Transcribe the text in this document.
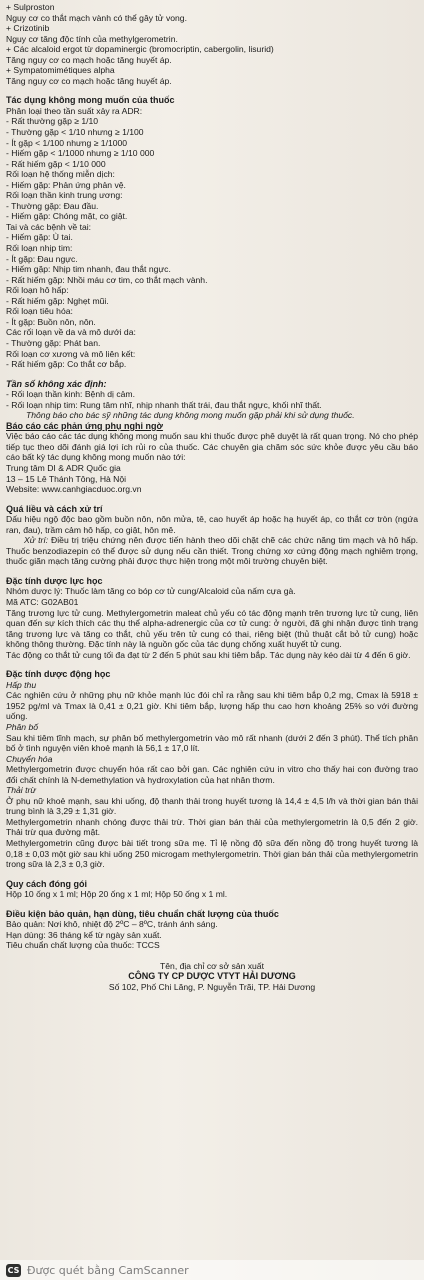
+ Sulproston
Nguy cơ co thắt mạch vành có thể gây tử vong.
+ Crizotinib
Nguy cơ tăng độc tính của methylgerometrin.
+ Các alcaloid ergot từ dopaminergic (bromocriptin, cabergolin, lisurid)
Tăng nguy cơ co mạch hoặc tăng huyết áp.
+ Sympatomimétiques alpha
Tăng nguy cơ co mạch hoặc tăng huyết áp.
Tác dụng không mong muốn của thuốc
Phân loại theo tần suất xảy ra ADR:
- Rất thường gặp ≥ 1/10
- Thường gặp < 1/10 nhưng ≥ 1/100
- Ít gặp < 1/100 nhưng ≥ 1/1000
- Hiếm gặp < 1/1000 nhưng ≥ 1/10 000
- Rất hiếm gặp < 1/10 000
Rối loạn hệ thống miễn dịch:
- Hiếm gặp: Phản ứng phản vệ.
Rối loạn thần kinh trung ương:
- Thường gặp: Đau đầu.
- Hiếm gặp: Chóng mặt, co giật.
Tai và các bệnh về tai:
- Hiếm gặp: Ù tai.
Rối loạn nhịp tim:
- Ít gặp: Đau ngực.
- Hiếm gặp: Nhịp tim nhanh, đau thắt ngực.
- Rất hiếm gặp: Nhồi máu cơ tim, co thắt mạch vành.
Rối loạn hô hấp:
- Rất hiếm gặp: Nghẹt mũi.
Rối loạn tiêu hóa:
- Ít gặp: Buồn nôn, nôn.
Các rối loạn về da và mô dưới da:
- Thường gặp: Phát ban.
Rối loạn cơ xương và mô liên kết:
- Rất hiếm gặp: Co thắt cơ bắp.
Tần số không xác định:
- Rối loạn thần kinh: Bệnh dị cảm.
- Rối loạn nhịp tim: Rung tâm nhĩ, nhịp nhanh thất trái, đau thắt ngực, khối nhĩ thất.
Thông báo cho bác sỹ những tác dụng không mong muốn gặp phải khi sử dụng thuốc.
Báo cáo các phản ứng phụ nghi ngờ
Việc báo cáo các tác dụng không mong muốn sau khi thuốc được phê duyệt là rất quan trọng. Nó cho phép tiếp tục theo dõi đánh giá lợi ích rủi ro của thuốc. Các chuyên gia chăm sóc sức khỏe được yêu cầu báo cáo bất kỳ tác dụng không mong muốn nào tới:
Trung tâm DI & ADR Quốc gia
13 – 15 Lê Thánh Tông, Hà Nội
Website: www.canhgiacduoc.org.vn
Quá liều và cách xử trí
Dấu hiệu ngộ độc bao gồm buồn nôn, nôn mửa, tê, cao huyết áp hoặc hạ huyết áp, co thắt cơ tròn (ngứa ran, đau), trầm cảm hô hấp, co giật, hôn mê.
Xử trí: Điều trị triệu chứng nên được tiến hành theo dõi chặt chẽ các chức năng tim mạch và hô hấp. Thuốc benzodiazepin có thể được sử dụng nếu cần thiết. Trong chứng xơ cứng động mạch nghiêm trọng, thuốc giãn mạch tăng cường phải được thực hiện trong một môi trường chuyên biệt.
Đặc tính dược lực học
Nhóm dược lý: Thuốc làm tăng co bóp cơ tử cung/Alcaloid của nấm cựa gà.
Mã ATC: G02AB01
Tăng trương lực tử cung. Methylergometrin maleat chủ yếu có tác động mạnh trên trương lực tử cung, liên quan đến sự kích thích các thụ thể alpha-adrenergic của cơ tử cung: ở người, đã ghi nhận được tình trạng tăng trương lực và tăng co thắt, chủ yếu trên tử cung có thai, riêng biệt (thủ thuật cắt bỏ tử cung) hoặc không thông thường. Đặc tính này là nguồn gốc của tác dụng chống xuất huyết tử cung.
Tác động co thắt tử cung tối đa đạt từ 2 đến 5 phút sau khi tiêm bắp. Tác dụng này kéo dài từ 4 đến 6 giờ.
Đặc tính dược động học
Hấp thu
Các nghiên cứu ở những phụ nữ khỏe mạnh lúc đói chỉ ra rằng sau khi tiêm bắp 0,2 mg, Cmax là 5918 ± 1952 pg/ml và Tmax là 0,41 ± 0,21 giờ. Khi tiêm bắp, lượng hấp thu cao hơn khoảng 25% so với đường uống.
Phân bố
Sau khi tiêm tĩnh mạch, sự phân bố methylergometrin vào mô rất nhanh (dưới 2 đến 3 phút). Thể tích phân bố ở tình nguyện viên khoẻ mạnh là 56,1 ± 17,0 lít.
Chuyển hóa
Methylergometrin được chuyển hóa rất cao bởi gan. Các nghiên cứu in vitro cho thấy hai con đường trao đổi chất chính là N-demethylation và hydroxylation của hạt nhân thơm.
Thải trừ
Ở phụ nữ khoẻ mạnh, sau khi uống, độ thanh thải trong huyết tương là 14,4 ± 4,5 l/h và thời gian bán thải trung bình là 3,29 ± 1,31 giờ.
Methylergometrin nhanh chóng được thải trừ. Thời gian bán thải của methylergometrin là 0,5 đến 2 giờ. Thải trừ qua đường mật.
Methylergometrin cũng được bài tiết trong sữa mẹ. Tỉ lệ nồng độ sữa đến nồng độ trong huyết tương là 0,18 ± 0,03 một giờ sau khi uống 250 microgam methylergometrin. Thời gian bán thải của methylergometrin trong sữa là 2,3 ± 0,3 giờ.
Quy cách đóng gói
Hộp 10 ống x 1 ml; Hộp 20 ống x 1 ml; Hộp 50 ống x 1 ml.
Điều kiện bảo quản, hạn dùng, tiêu chuẩn chất lượng của thuốc
Bảo quản: Nơi khô, nhiệt độ 2ºC – 8ºC, tránh ánh sáng.
Hạn dùng: 36 tháng kể từ ngày sản xuất.
Tiêu chuẩn chất lượng của thuốc: TCCS
Tên, địa chỉ cơ sở sản xuất
CÔNG TY CP DƯỢC VTYT HẢI DƯƠNG
Số 102, Phố Chi Lăng, P. Nguyễn Trãi, TP. Hải Dương
CS Được quét bằng CamScanner
